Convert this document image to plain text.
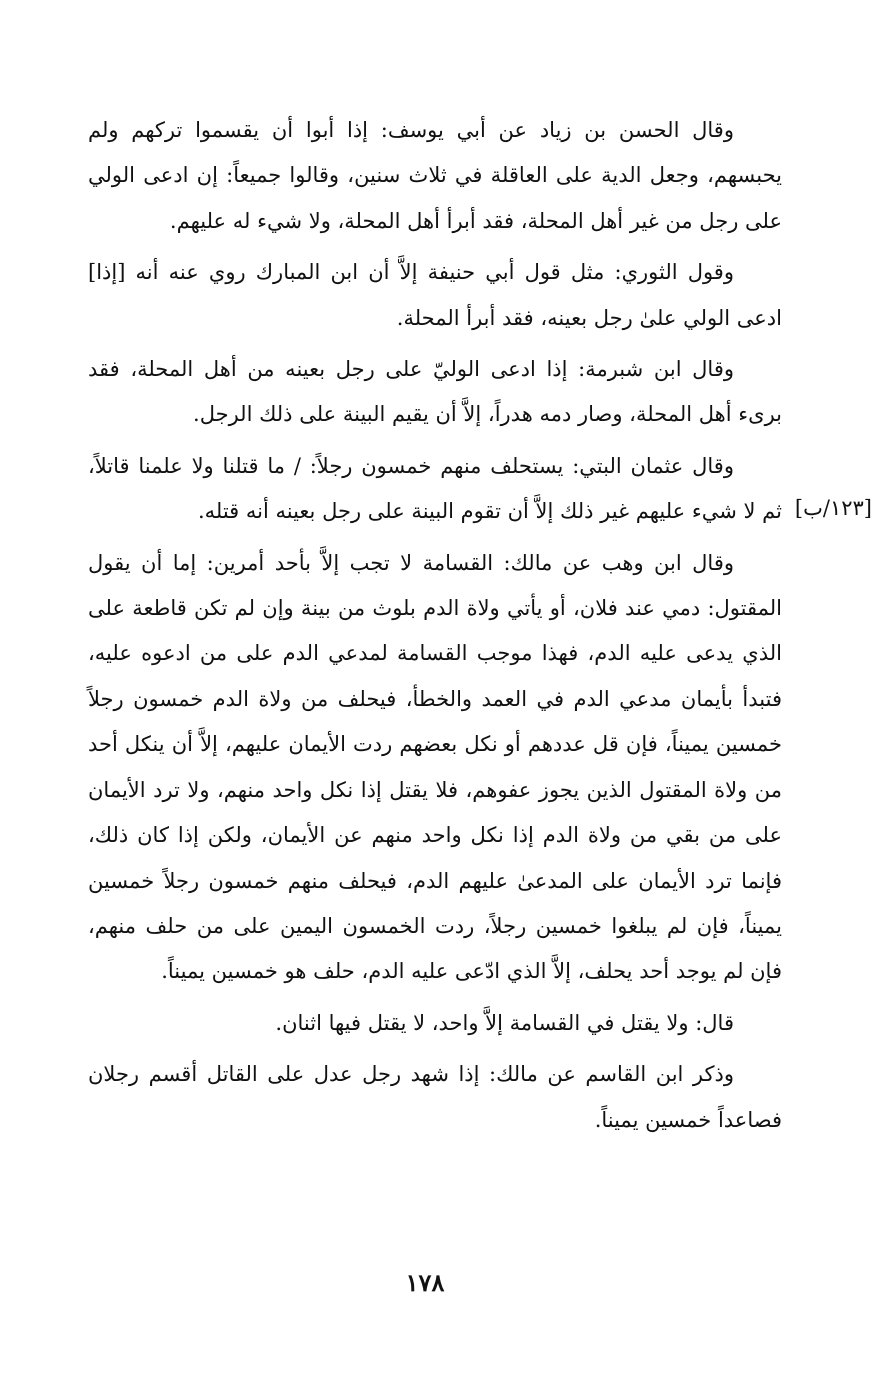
[١٢٣/ب]

وقال الحسن بن زياد عن أبي يوسف: إذا أبوا أن يقسموا تركهم ولم يحبسهم، وجعل الدية على العاقلة في ثلاث سنين، وقالوا جميعاً: إن ادعى الولي على رجل من غير أهل المحلة، فقد أبرأ أهل المحلة، ولا شيء له عليهم.

وقول الثوري: مثل قول أبي حنيفة إلاَّ أن ابن المبارك روي عنه أنه [إذا] ادعى الولي علىٰ رجل بعينه، فقد أبرأ المحلة.

وقال ابن شبرمة: إذا ادعى الوليّ على رجل بعينه من أهل المحلة، فقد برىء أهل المحلة، وصار دمه هدراً، إلاَّ أن يقيم البينة على ذلك الرجل.

وقال عثمان البتي: يستحلف منهم خمسون رجلاً: / ما قتلنا ولا علمنا قاتلاً، ثم لا شيء عليهم غير ذلك إلاَّ أن تقوم البينة على رجل بعينه أنه قتله.

وقال ابن وهب عن مالك: القسامة لا تجب إلاَّ بأحد أمرين: إما أن يقول المقتول: دمي عند فلان، أو يأتي ولاة الدم بلوث من بينة وإن لم تكن قاطعة على الذي يدعى عليه الدم، فهذا موجب القسامة لمدعي الدم على من ادعوه عليه، فتبدأ بأيمان مدعي الدم في العمد والخطأ، فيحلف من ولاة الدم خمسون رجلاً خمسين يميناً، فإن قل عددهم أو نكل بعضهم ردت الأيمان عليهم، إلاَّ أن ينكل أحد من ولاة المقتول الذين يجوز عفوهم، فلا يقتل إذا نكل واحد منهم، ولا ترد الأيمان على من بقي من ولاة الدم إذا نكل واحد منهم عن الأيمان، ولكن إذا كان ذلك، فإنما ترد الأيمان على المدعىٰ عليهم الدم، فيحلف منهم خمسون رجلاً خمسين يميناً، فإن لم يبلغوا خمسين رجلاً، ردت الخمسون اليمين على من حلف منهم، فإن لم يوجد أحد يحلف، إلاَّ الذي ادّعى عليه الدم، حلف هو خمسين يميناً.

قال: ولا يقتل في القسامة إلاَّ واحد، لا يقتل فيها اثنان.

وذكر ابن القاسم عن مالك: إذا شهد رجل عدل على القاتل أقسم رجلان فصاعداً خمسين يميناً.

١٧٨
